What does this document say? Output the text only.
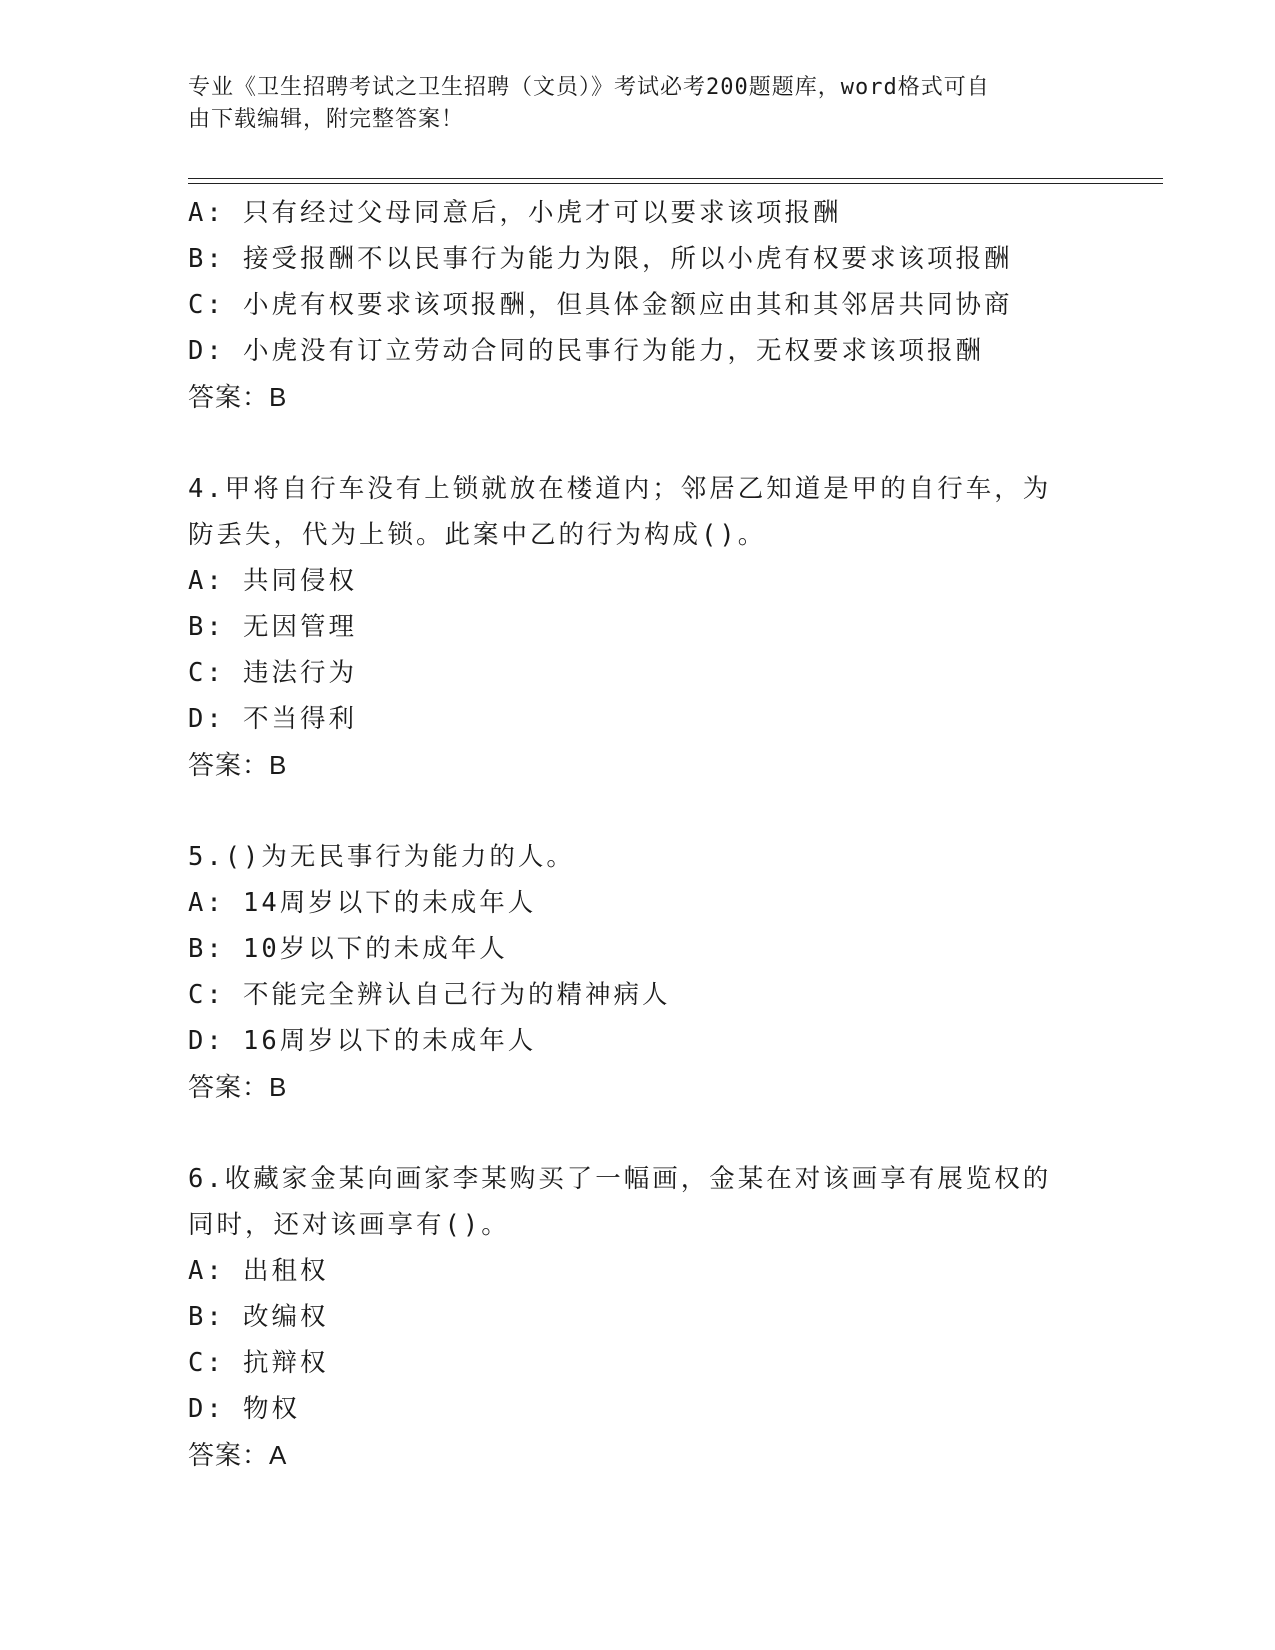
专业《卫生招聘考试之卫生招聘（文员）》考试必考200题题库，word格式可自
由下载编辑，附完整答案！
A: 只有经过父母同意后，小虎才可以要求该项报酬
B: 接受报酬不以民事行为能力为限，所以小虎有权要求该项报酬
C: 小虎有权要求该项报酬，但具体金额应由其和其邻居共同协商
D: 小虎没有订立劳动合同的民事行为能力，无权要求该项报酬
答案：B
4.甲将自行车没有上锁就放在楼道内；邻居乙知道是甲的自行车，为
防丢失，代为上锁。此案中乙的行为构成()。
A: 共同侵权
B: 无因管理
C: 违法行为
D: 不当得利
答案：B
5.()为无民事行为能力的人。
A: 14周岁以下的未成年人
B: 10岁以下的未成年人
C: 不能完全辨认自己行为的精神病人
D: 16周岁以下的未成年人
答案：B
6.收藏家金某向画家李某购买了一幅画，金某在对该画享有展览权的
同时，还对该画享有()。
A: 出租权
B: 改编权
C: 抗辩权
D: 物权
答案：A
